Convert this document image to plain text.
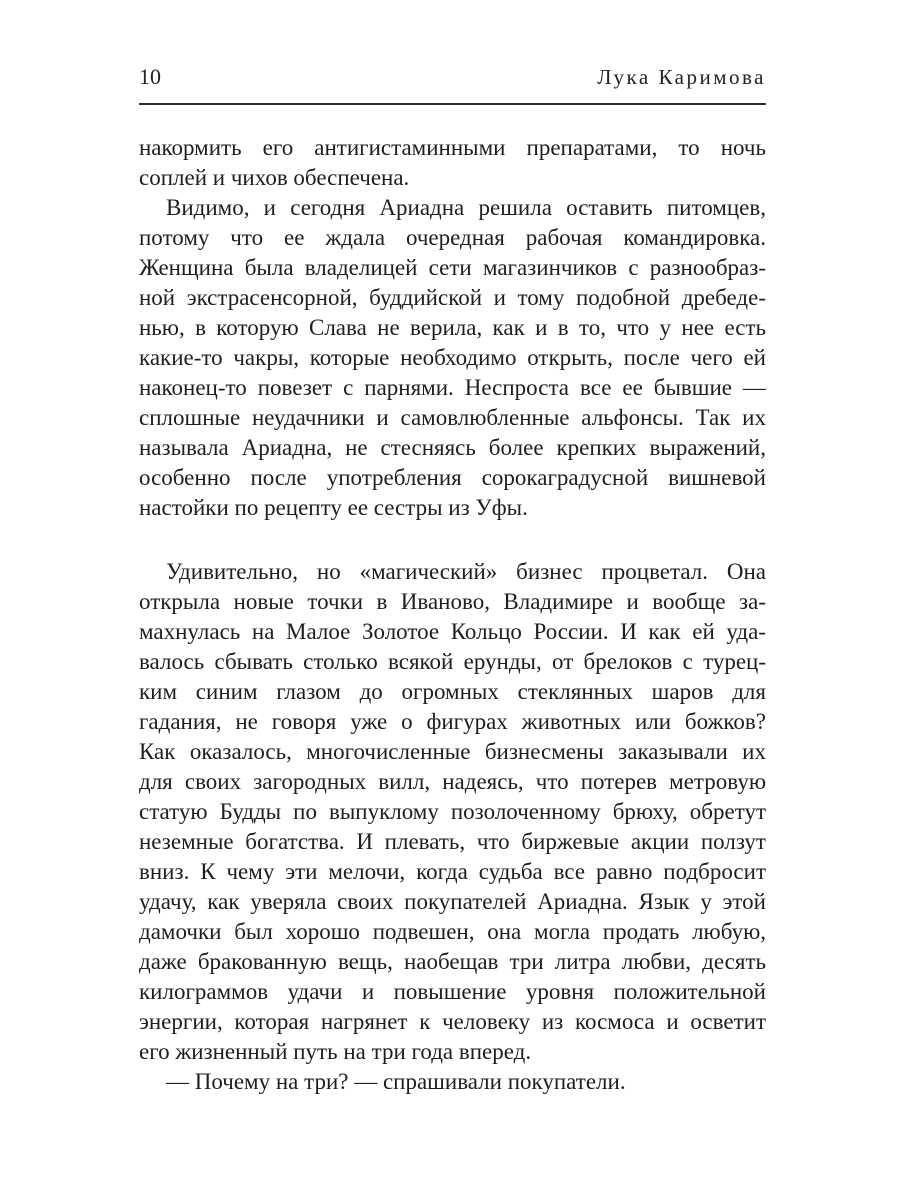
10	Лука Каримова
накормить его антигистаминными препаратами, то ночь
соплей и чихов обеспечена.
Видимо, и сегодня Ариадна решила оставить питомцев,
потому что ее ждала очередная рабочая командировка.
Женщина была владелицей сети магазинчиков с разнообраз-
ной экстрасенсорной, буддийской и тому подобной дребеде-
нью, в которую Слава не верила, как и в то, что у нее есть
какие-то чакры, которые необходимо открыть, после чего ей
наконец-то повезет с парнями. Неспроста все ее бывшие —
сплошные неудачники и самовлюбленные альфонсы. Так их
называла Ариадна, не стесняясь более крепких выражений,
особенно после употребления сорокаградусной вишневой
настойки по рецепту ее сестры из Уфы.
Удивительно, но «магический» бизнес процветал. Она
открыла новые точки в Иваново, Владимире и вообще за-
махнулась на Малое Золотое Кольцо России. И как ей уда-
валось сбывать столько всякой ерунды, от брелоков с турец-
ким синим глазом до огромных стеклянных шаров для
гадания, не говоря уже о фигурах животных или божков?
Как оказалось, многочисленные бизнесмены заказывали их
для своих загородных вилл, надеясь, что потерев метровую
статую Будды по выпуклому позолоченному брюху, обретут
неземные богатства. И плевать, что биржевые акции ползут
вниз. К чему эти мелочи, когда судьба все равно подбросит
удачу, как уверяла своих покупателей Ариадна. Язык у этой
дамочки был хорошо подвешен, она могла продать любую,
даже бракованную вещь, наобещав три литра любви, десять
килограммов удачи и повышение уровня положительной
энергии, которая нагрянет к человеку из космоса и осветит
его жизненный путь на три года вперед.
— Почему на три? — спрашивали покупатели.
